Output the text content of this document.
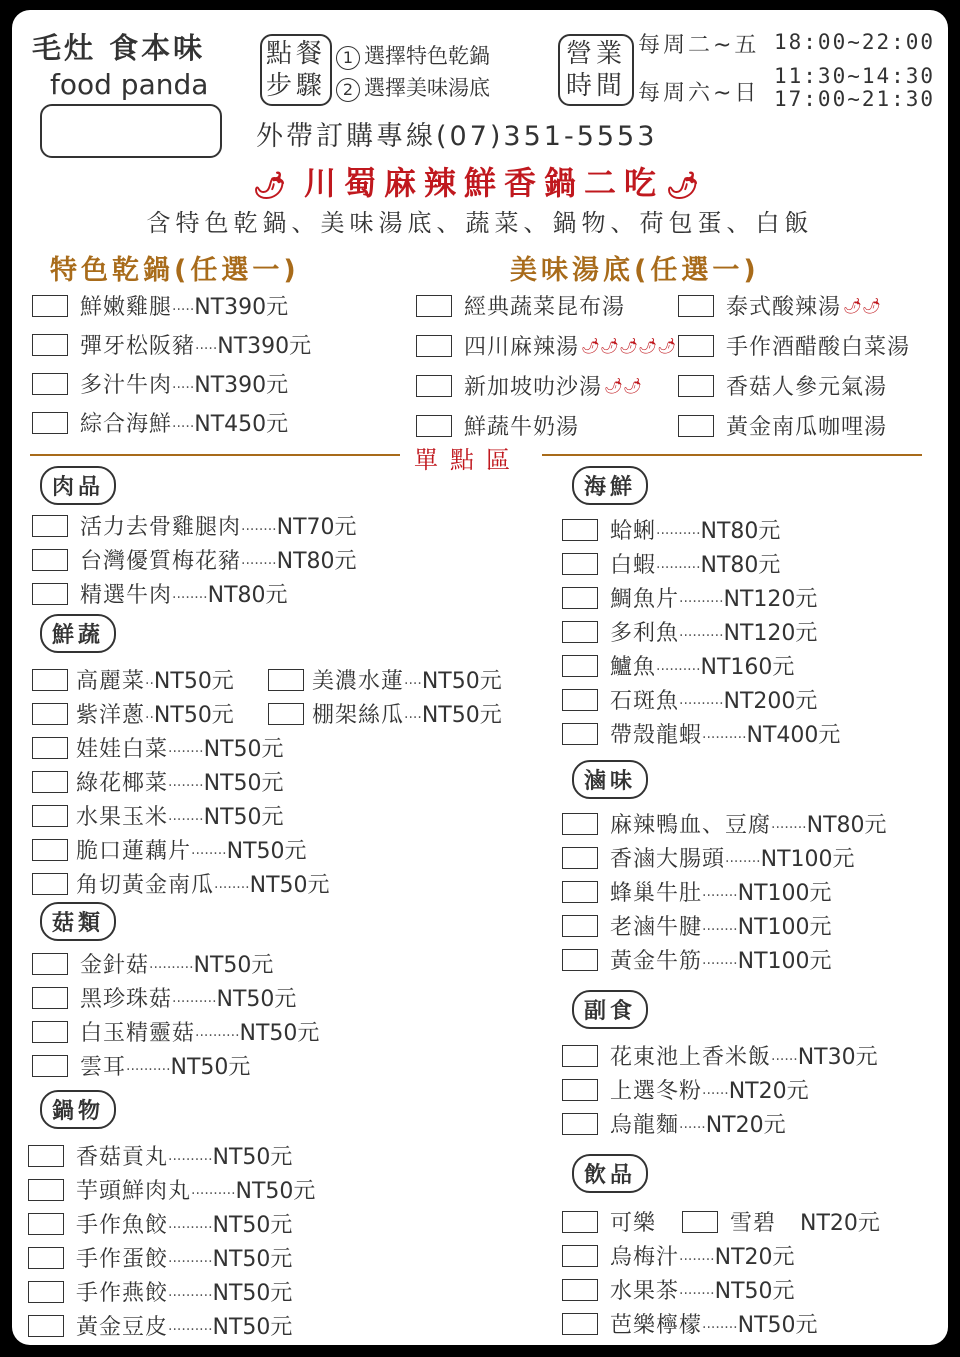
毛灶 食本味
food panda
點餐
步驟
1 選擇特色乾鍋
2 選擇美味湯底
營業
時間
每周二~五 18:00~22:00
每周六~日
11:30~14:30
17:00~21:30
外帶訂購專線(07)351-5553
🌶 川蜀麻辣鮮香鍋二吃🌶
含特色乾鍋、美味湯底、蔬菜、鍋物、荷包蛋、白飯
特色乾鍋(任選一)	美味湯底(任選一)
單點區
鮮嫩雞腿 ..... NT390元
彈牙松阪豬 ..... NT390元
多汁牛肉 ..... NT390元
綜合海鮮 ..... NT450元
經典蔬菜昆布湯	泰式酸辣湯 🌶🌶
四川麻辣湯 🌶🌶🌶🌶🌶 手作酒醋酸白菜湯
新加坡叻沙湯 🌶🌶	香菇人參元氣湯
鮮蔬牛奶湯	黃金南瓜咖哩湯
肉品
活力去骨雞腿肉 ........ NT70元
台灣優質梅花豬 ........ NT80元
精選牛肉 ........ NT80元
鮮蔬
高麗菜 .. NT50元	美濃水蓮 .... NT50元
紫洋蔥 .. NT50元	棚架絲瓜 .... NT50元
娃娃白菜 ........ NT50元
綠花椰菜 ........ NT50元
水果玉米 ........ NT50元
脆口蓮藕片 ........ NT50元
角切黃金南瓜 ........ NT50元
菇類
金針菇 .......... NT50元
黑珍珠菇 .......... NT50元
白玉精靈菇 .......... NT50元
雲耳 .......... NT50元
鍋物
香菇貢丸 .......... NT50元
芋頭鮮肉丸 .......... NT50元
手作魚餃 .......... NT50元
手作蛋餃 .......... NT50元
手作燕餃 .......... NT50元
黃金豆皮 .......... NT50元
海鮮
蛤蜊 .......... NT80元
白蝦 .......... NT80元
鯛魚片 .......... NT120元
多利魚 .......... NT120元
鱸魚 .......... NT160元
石斑魚 .......... NT200元
帶殼龍蝦 .......... NT400元
滷味
麻辣鴨血、豆腐 ........ NT80元
香滷大腸頭 ........ NT100元
蜂巢牛肚 ........ NT100元
老滷牛腱 ........ NT100元
黃金牛筋 ........ NT100元
副食
花東池上香米飯 ...... NT30元
上選冬粉 ...... NT20元
烏龍麵 ...... NT20元
飲品
可樂	雪碧 NT20元
烏梅汁 ........ NT20元
水果茶 ........ NT50元
芭樂檸檬 ........ NT50元
